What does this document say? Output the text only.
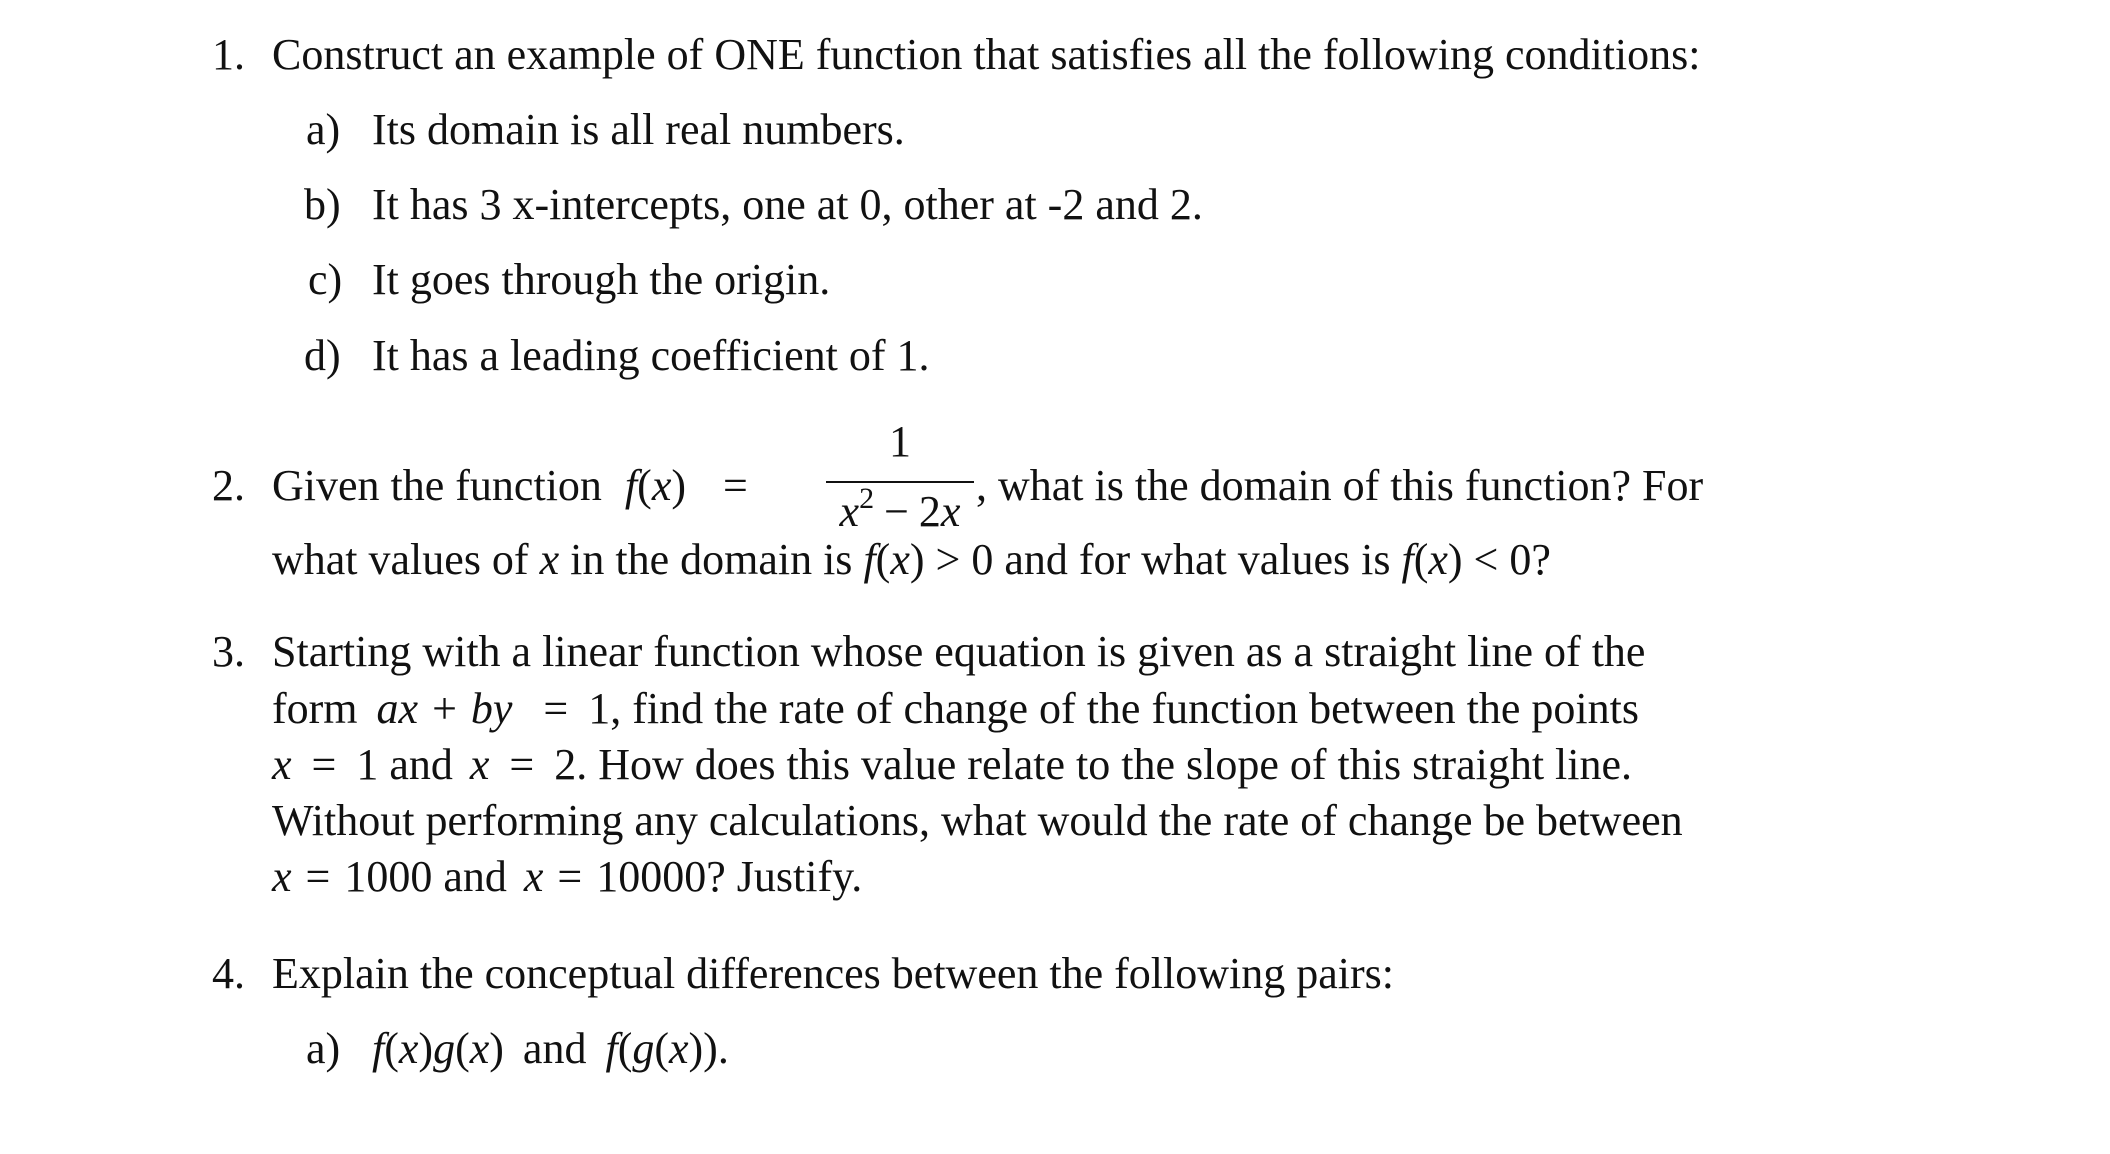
1. Construct an example of ONE function that satisfies all the following conditions:
a) Its domain is all real numbers.
b) It has 3 x-intercepts, one at 0, other at -2 and 2.
c) It goes through the origin.
d) It has a leading coefficient of 1.
2. Given the function f(x) =
1
$x^2 - 2x$
, what is the domain of this function? For
what values of x in the domain is f(x) > 0 and for what values is f(x) < 0?
3. Starting with a linear function whose equation is given as a straight line of the
form ax + by = 1, find the rate of change of the function between the points
x = 1 and x = 2. How does this value relate to the slope of this straight line.
Without performing any calculations, what would the rate of change be between
x = 1000 and x = 10000? Justify.
4. Explain the conceptual differences between the following pairs:
a) f(x)g(x) and f(g(x)).
